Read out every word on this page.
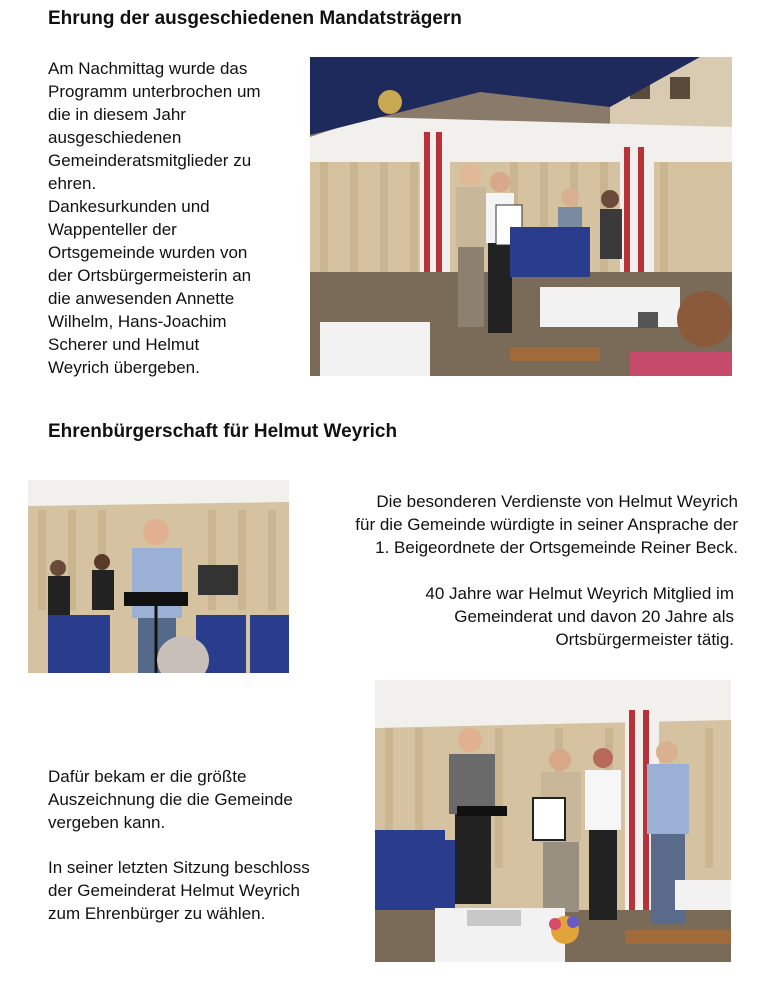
Ehrung der ausgeschiedenen Mandatsträgern
Am Nachmittag wurde das
Programm unterbrochen um
die in diesem Jahr
ausgeschiedenen
Gemeinderatsmitglieder zu
ehren.
Dankesurkunden und
Wappenteller der
Ortsgemeinde wurden von
der Ortsbürgermeisterin an
die anwesenden Annette
Wilhelm, Hans-Joachim
Scherer und Helmut
Weyrich übergeben.
Ehrenbürgerschaft für Helmut Weyrich
Die besonderen Verdienste von Helmut Weyrich
für die Gemeinde würdigte in seiner Ansprache der
1. Beigeordnete der Ortsgemeinde Reiner Beck.
40 Jahre war Helmut Weyrich Mitglied im
Gemeinderat und davon 20 Jahre als
Ortsbürgermeister tätig.
Dafür bekam er die größte
Auszeichnung die die Gemeinde
vergeben kann.
In seiner letzten Sitzung beschloss
der Gemeinderat Helmut Weyrich
zum Ehrenbürger zu wählen.
